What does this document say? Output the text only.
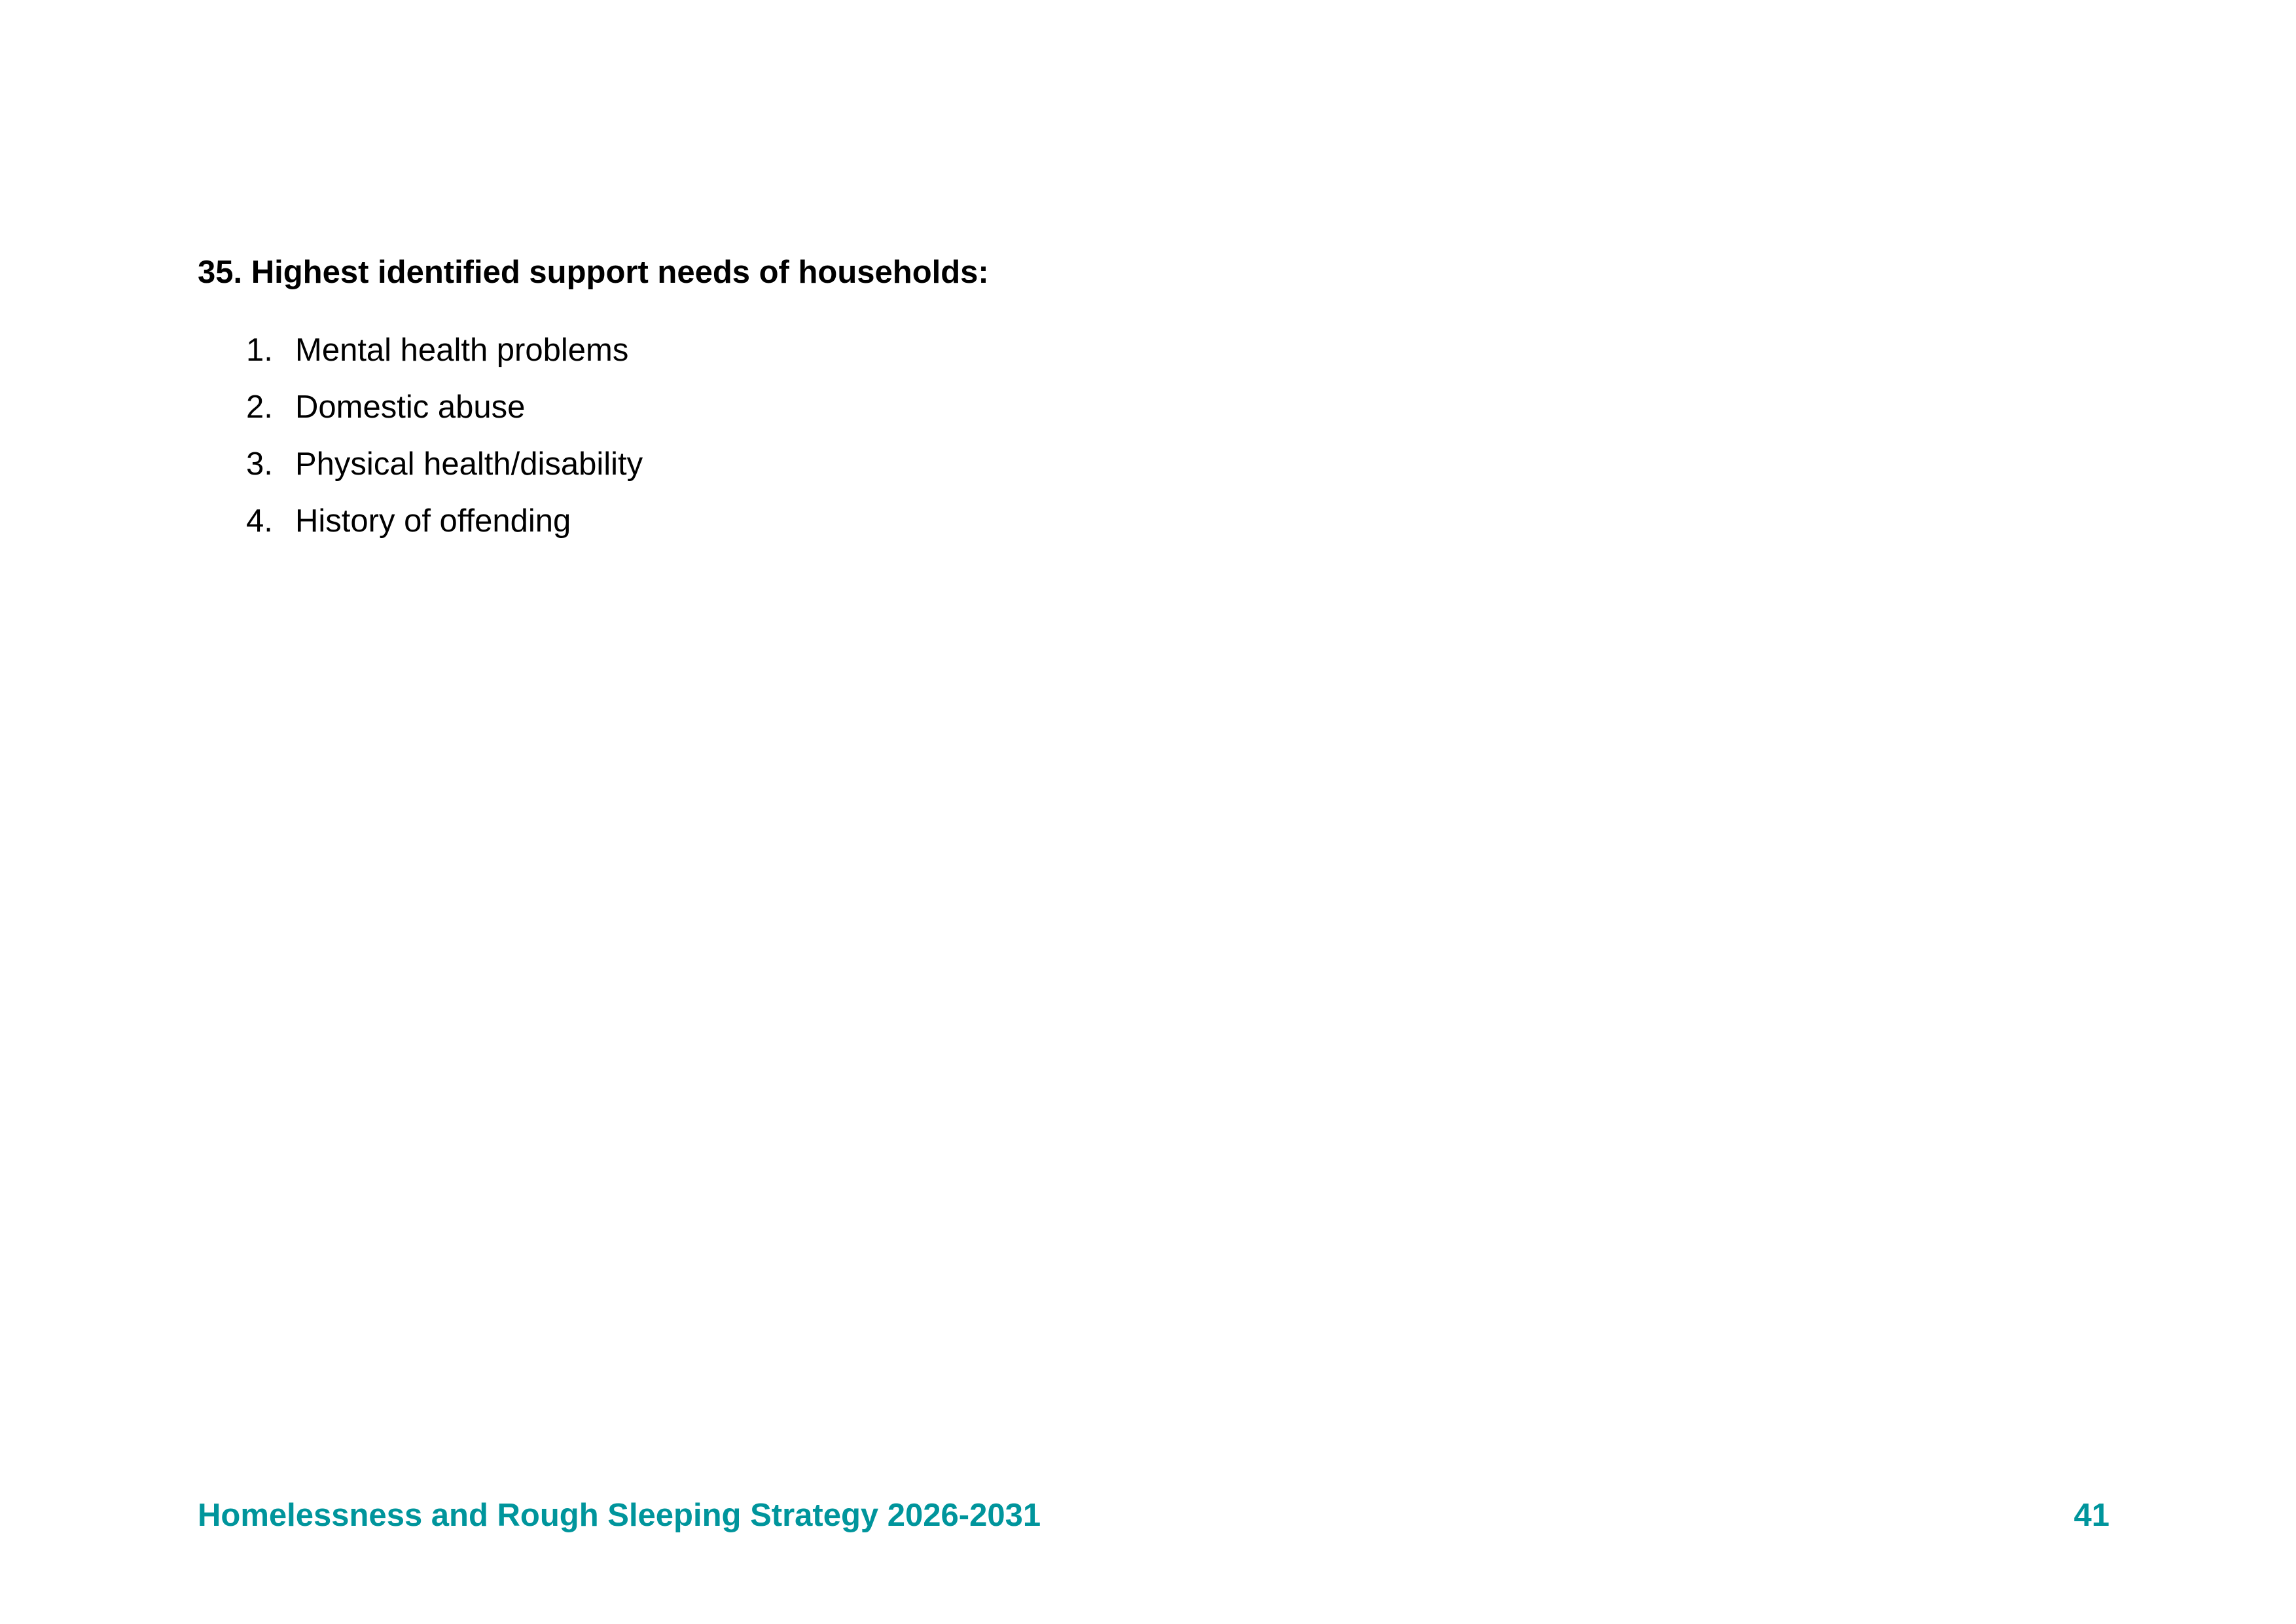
35. Highest identified support needs of households:
1. Mental health problems
2. Domestic abuse
3. Physical health/disability
4. History of offending
Homelessness and Rough Sleeping Strategy 2026-2031	41
